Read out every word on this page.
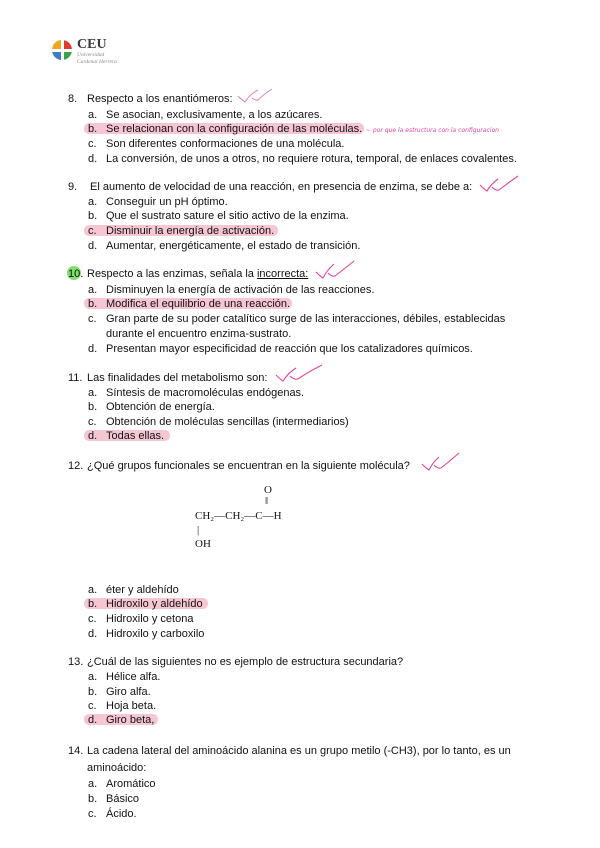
CEU
Universidad
Cardenal Herrera
8. Respecto a los enantiómeros:
a. Se asocian, exclusivamente, a los azúcares.
b. Se relacionan con la configuración de las moléculas.
c. Son diferentes conformaciones de una molécula.
d. La conversión, de unos a otros, no requiere rotura, temporal, de enlaces covalentes.
~ por que la estructura con la configuracion
9. El aumento de velocidad de una reacción, en presencia de enzima, se debe a:
a. Conseguir un pH óptimo.
b. Que el sustrato sature el sitio activo de la enzima.
c. Disminuir la energía de activación.
d. Aumentar, energéticamente, el estado de transición.
10. Respecto a las enzimas, señala la incorrecta:
a. Disminuyen la energía de activación de las reacciones.
b. Modifica el equilibrio de una reacción.
c. Gran parte de su poder catalítico surge de las interacciones, débiles, establecidas
durante el encuentro enzima-sustrato.
d. Presentan mayor especificidad de reacción que los catalizadores químicos.
11. Las finalidades del metabolismo son:
a. Síntesis de macromoléculas endógenas.
b. Obtención de energía.
c. Obtención de moléculas sencillas (intermediarios)
d. Todas ellas.
12. ¿Qué grupos funcionales se encuentran en la siguiente molécula?
O
‖
CH₂—CH₂—C—H
|
OH
a. éter y aldehído
b. Hidroxilo y aldehído
c. Hidroxilo y cetona
d. Hidroxilo y carboxilo
13. ¿Cuál de las siguientes no es ejemplo de estructura secundaria?
a. Hélice alfa.
b. Giro alfa.
c. Hoja beta.
d. Giro beta,
14. La cadena lateral del aminoácido alanina es un grupo metilo (-CH3), por lo tanto, es un
aminoácido:
a. Aromático
b. Básico
c. Ácido.
